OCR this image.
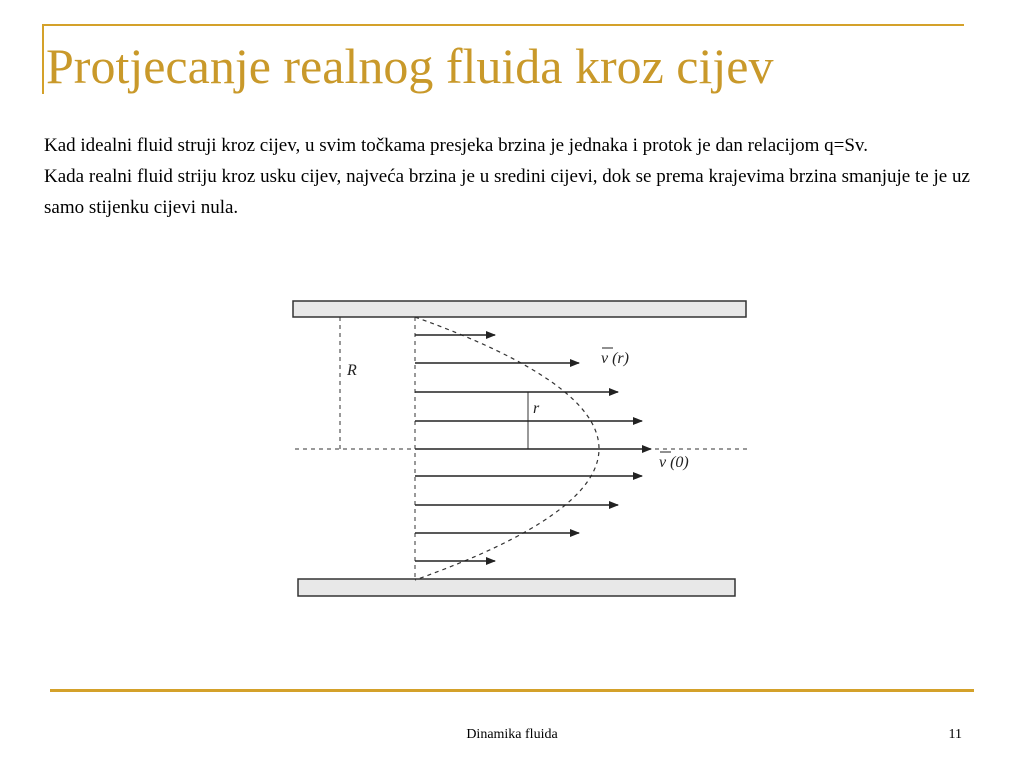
Protjecanje realnog fluida kroz cijev

Kad idealni fluid struji kroz cijev, u svim točkama presjeka brzina je jednaka i protok je dan relacijom q=Sv.

Kada realni fluid striju kroz usku cijev, najveća brzina je u sredini cijevi, dok se prema krajevima brzina smanjuje te je uz samo stijenku cijevi nula.

R
r
v (r)
v (0)
Dinamika fluida	11
